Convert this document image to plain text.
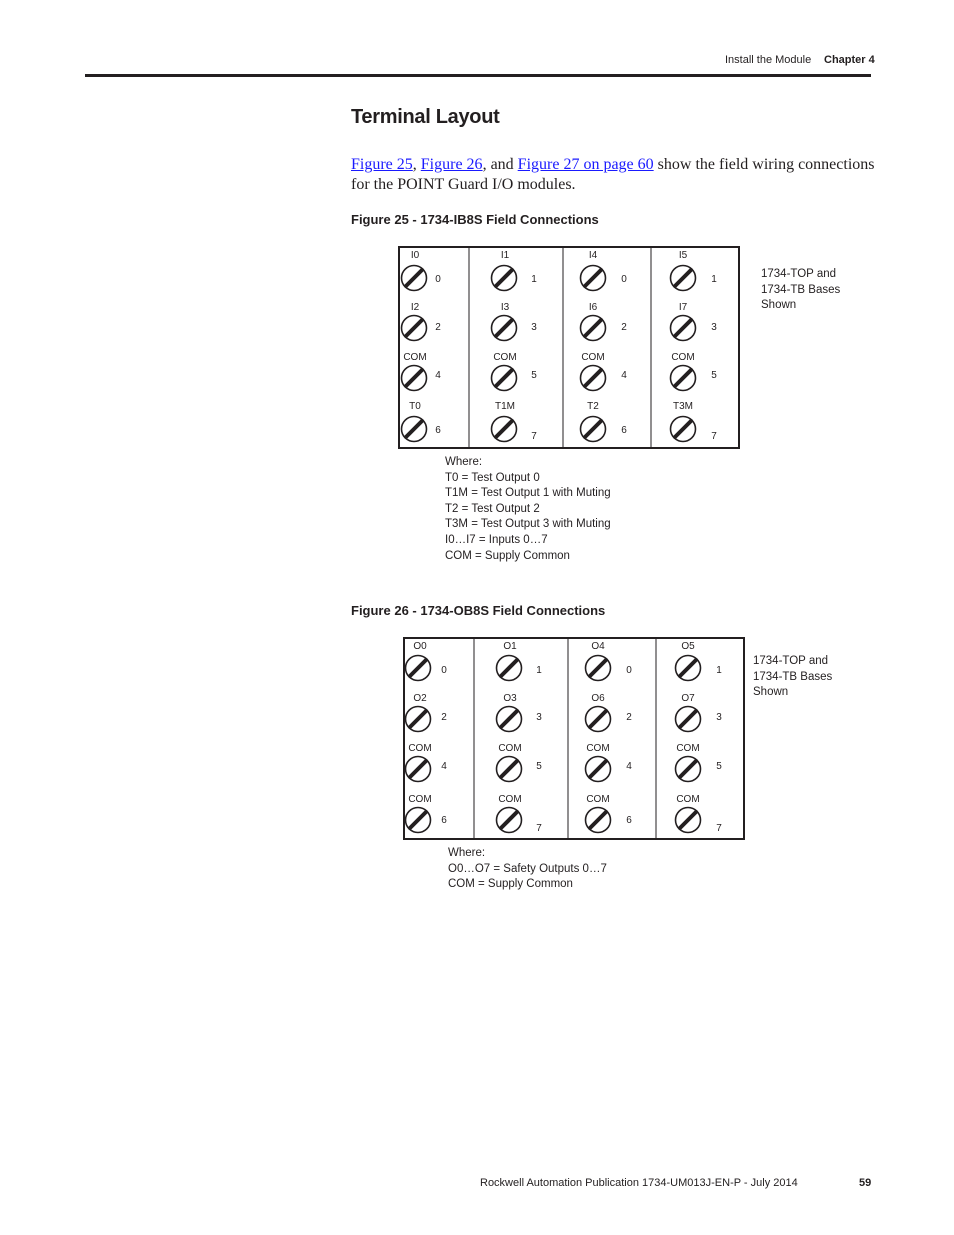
Install the Module Chapter 4
Terminal Layout
Figure 25, Figure 26, and Figure 27 on page 60 show the field wiring connections for the POINT Guard I/O modules.
Figure 25 - 1734-IB8S Field Connections
I0
0
I2
2
COM
4
T0
6
I1
1
I3
3
COM
5
T1M
7
I4
0
I6
2
COM
4
T2
6
I5
1
I7
3
COM
5
T3M
7
1734-TOP and
1734-TB Bases
Shown
Where:
T0 = Test Output 0
T1M = Test Output 1 with Muting
T2 = Test Output 2
T3M = Test Output 3 with Muting
I0…I7 = Inputs 0…7
COM = Supply Common
Figure 26 - 1734-OB8S Field Connections
O0
0
O2
2
COM
4
COM
6
O1
1
O3
3
COM
5
COM
7
O4
0
O6
2
COM
4
COM
6
O5
1
O7
3
COM
5
COM
7
1734-TOP and
1734-TB Bases
Shown
Where:
O0…O7 = Safety Outputs 0…7
COM = Supply Common
Rockwell Automation Publication 1734-UM013J-EN-P - July 2014	59
